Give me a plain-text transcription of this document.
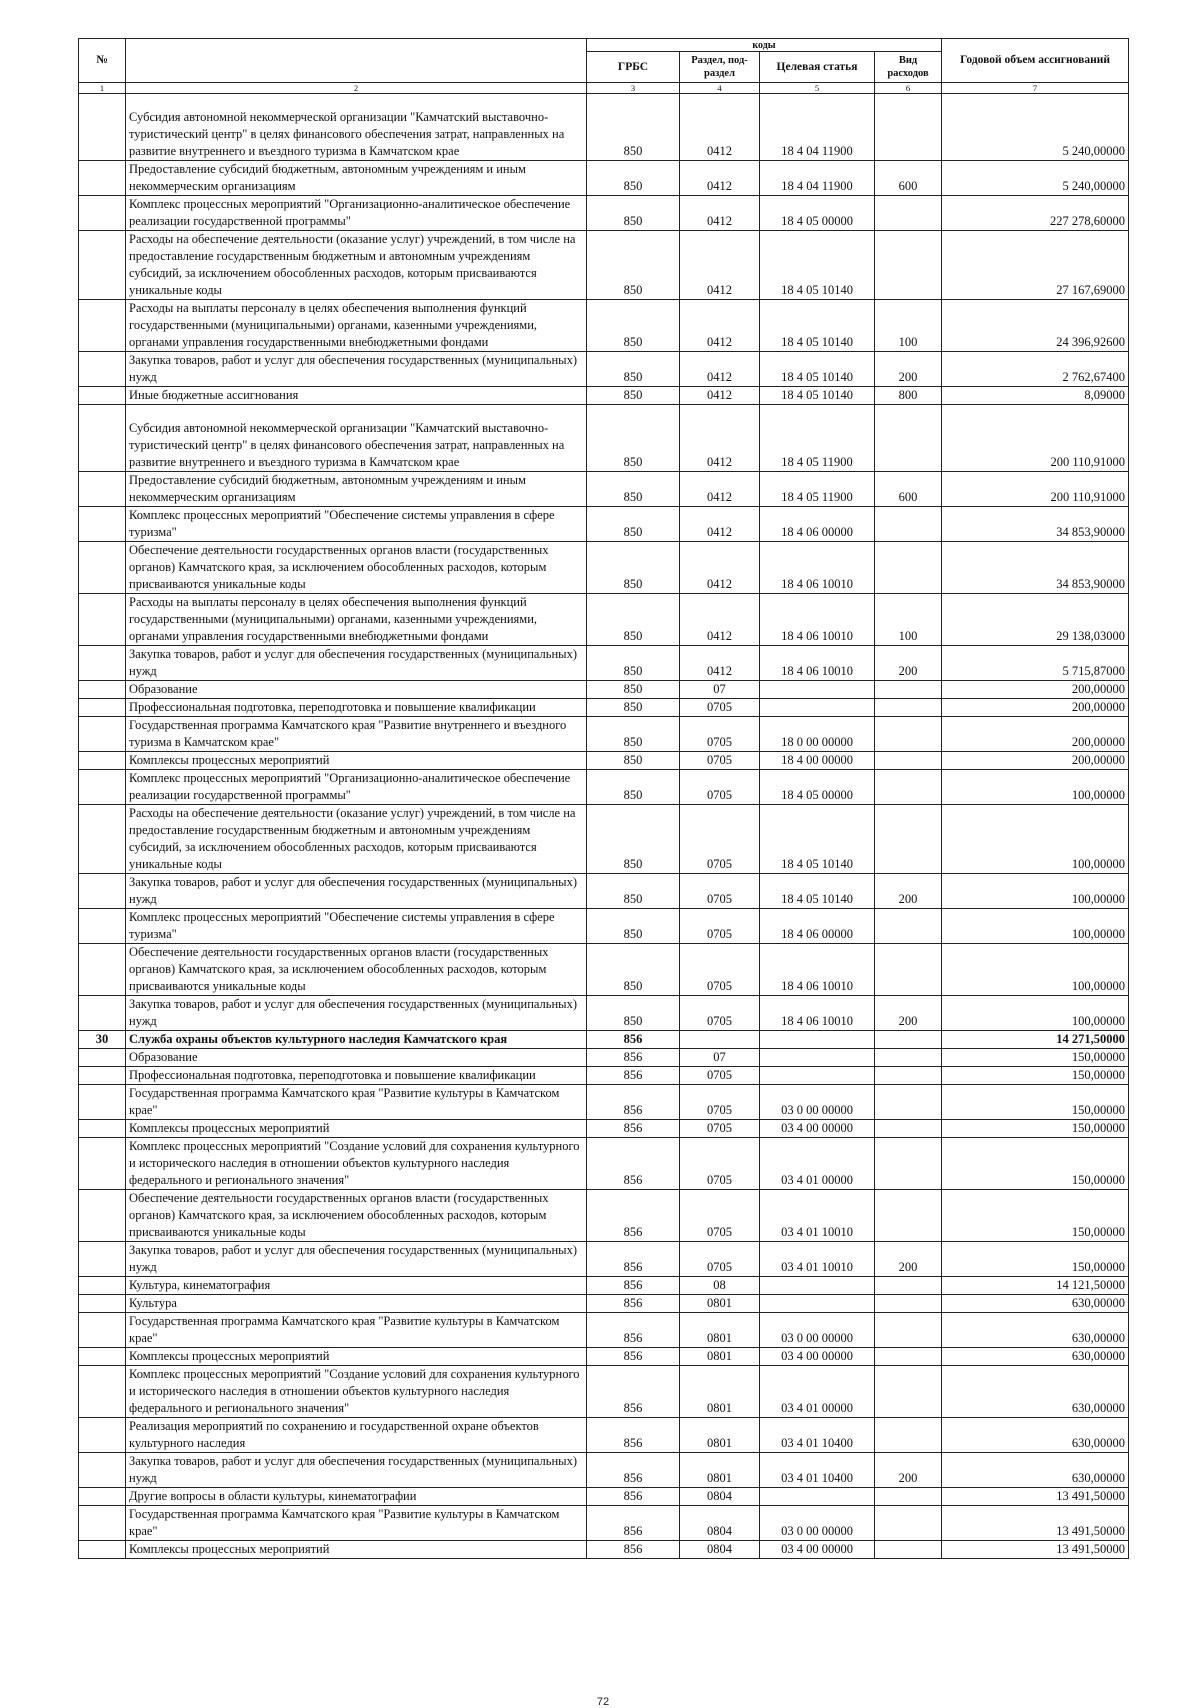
№		коды				Годовой объем ассигнований
		ГРБС	Раздел, под-раздел	Целевая статья	Вид расходов	
1	2	3	4	5	6	7
	Субсидия автономной некоммерческой организации "Камчатский выставочно-туристический центр" в целях финансового обеспечения затрат, направленных на развитие внутреннего и въездного туризма в Камчатском крае	850	0412	18 4 04 11900		5 240,00000
	Предоставление субсидий бюджетным, автономным учреждениям и иным некоммерческим организациям	850	0412	18 4 04 11900	600	5 240,00000
	Комплекс процессных мероприятий "Организационно-аналитическое обеспечение реализации государственной программы"	850	0412	18 4 05 00000		227 278,60000
	Расходы на обеспечение деятельности (оказание услуг) учреждений, в том числе на предоставление государственным бюджетным и автономным учреждениям субсидий, за исключением обособленных расходов, которым присваиваются уникальные коды	850	0412	18 4 05 10140		27 167,69000
	Расходы на выплаты персоналу в целях обеспечения выполнения функций государственными (муниципальными) органами, казенными учреждениями, органами управления государственными внебюджетными фондами	850	0412	18 4 05 10140	100	24 396,92600
	Закупка товаров, работ и услуг для обеспечения государственных (муниципальных) нужд	850	0412	18 4 05 10140	200	2 762,67400
	Иные бюджетные ассигнования	850	0412	18 4 05 10140	800	8,09000
	Субсидия автономной некоммерческой организации "Камчатский выставочно-туристический центр" в целях финансового обеспечения затрат, направленных на развитие внутреннего и въездного туризма в Камчатском крае	850	0412	18 4 05 11900		200 110,91000
	Предоставление субсидий бюджетным, автономным учреждениям и иным некоммерческим организациям	850	0412	18 4 05 11900	600	200 110,91000
	Комплекс процессных мероприятий "Обеспечение системы управления в сфере туризма"	850	0412	18 4 06 00000		34 853,90000
	Обеспечение деятельности государственных органов власти (государственных органов) Камчатского края, за исключением обособленных расходов, которым присваиваются уникальные коды	850	0412	18 4 06 10010		34 853,90000
	Расходы на выплаты персоналу в целях обеспечения выполнения функций государственными (муниципальными) органами, казенными учреждениями, органами управления государственными внебюджетными фондами	850	0412	18 4 06 10010	100	29 138,03000
	Закупка товаров, работ и услуг для обеспечения государственных (муниципальных) нужд	850	0412	18 4 06 10010	200	5 715,87000
	Образование	850	07			200,00000
	Профессиональная подготовка, переподготовка и повышение квалификации	850	0705			200,00000
	Государственная программа Камчатского края "Развитие внутреннего и въездного туризма в Камчатском крае"	850	0705	18 0 00 00000		200,00000
	Комплексы процессных мероприятий	850	0705	18 4 00 00000		200,00000
	Комплекс процессных мероприятий "Организационно-аналитическое обеспечение реализации государственной программы"	850	0705	18 4 05 00000		100,00000
	Расходы на обеспечение деятельности (оказание услуг) учреждений, в том числе на предоставление государственным бюджетным и автономным учреждениям субсидий, за исключением обособленных расходов, которым присваиваются уникальные коды	850	0705	18 4 05 10140		100,00000
	Закупка товаров, работ и услуг для обеспечения государственных (муниципальных) нужд	850	0705	18 4 05 10140	200	100,00000
	Комплекс процессных мероприятий "Обеспечение системы управления в сфере туризма"	850	0705	18 4 06 00000		100,00000
	Обеспечение деятельности государственных органов власти (государственных органов) Камчатского края, за исключением обособленных расходов, которым присваиваются уникальные коды	850	0705	18 4 06 10010		100,00000
	Закупка товаров, работ и услуг для обеспечения государственных (муниципальных) нужд	850	0705	18 4 06 10010	200	100,00000
30	Служба охраны объектов культурного наследия Камчатского края	856				14 271,50000
	Образование	856	07			150,00000
	Профессиональная подготовка, переподготовка и повышение квалификации	856	0705			150,00000
	Государственная программа Камчатского края "Развитие культуры в Камчатском крае"	856	0705	03 0 00 00000		150,00000
	Комплексы процессных мероприятий	856	0705	03 4 00 00000		150,00000
	Комплекс процессных мероприятий "Создание условий для сохранения культурного и исторического наследия в отношении объектов культурного наследия федерального и регионального значения"	856	0705	03 4 01 00000		150,00000
	Обеспечение деятельности государственных органов власти (государственных органов) Камчатского края, за исключением обособленных расходов, которым присваиваются уникальные коды	856	0705	03 4 01 10010		150,00000
	Закупка товаров, работ и услуг для обеспечения государственных (муниципальных) нужд	856	0705	03 4 01 10010	200	150,00000
	Культура, кинематография	856	08			14 121,50000
	Культура	856	0801			630,00000
	Государственная программа Камчатского края "Развитие культуры в Камчатском крае"	856	0801	03 0 00 00000		630,00000
	Комплексы процессных мероприятий	856	0801	03 4 00 00000		630,00000
	Комплекс процессных мероприятий "Создание условий для сохранения культурного и исторического наследия в отношении объектов культурного наследия федерального и регионального значения"	856	0801	03 4 01 00000		630,00000
	Реализация мероприятий по сохранению и государственной охране объектов культурного наследия	856	0801	03 4 01 10400		630,00000
	Закупка товаров, работ и услуг для обеспечения государственных (муниципальных) нужд	856	0801	03 4 01 10400	200	630,00000
	Другие вопросы в области культуры, кинематографии	856	0804			13 491,50000
	Государственная программа Камчатского края "Развитие культуры в Камчатском крае"	856	0804	03 0 00 00000		13 491,50000
	Комплексы процессных мероприятий	856	0804	03 4 00 00000		13 491,50000
72
